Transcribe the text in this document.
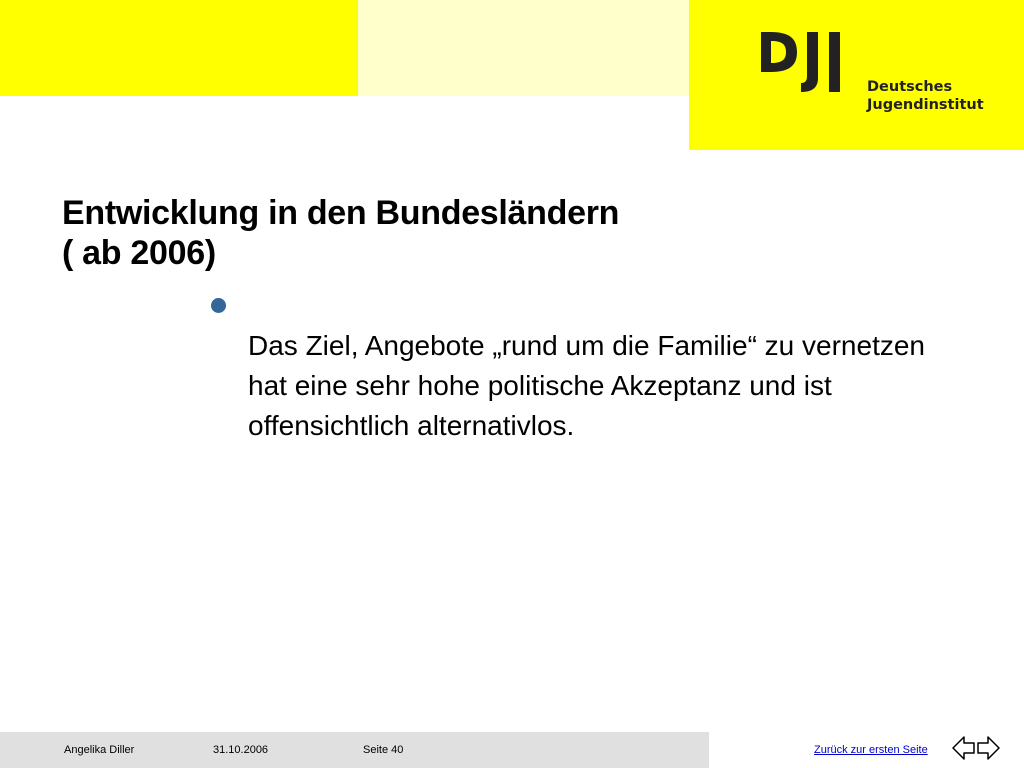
Deutsches
Jugendinstitut
Entwicklung in den Bundesländern
( ab 2006)
Das Ziel, Angebote „rund um die Familie“ zu vernetzen hat eine sehr hohe politische Akzeptanz und ist offensichtlich alternativlos.
Angelika Diller	31.10.2006	Seite 40	Zurück zur ersten Seite
